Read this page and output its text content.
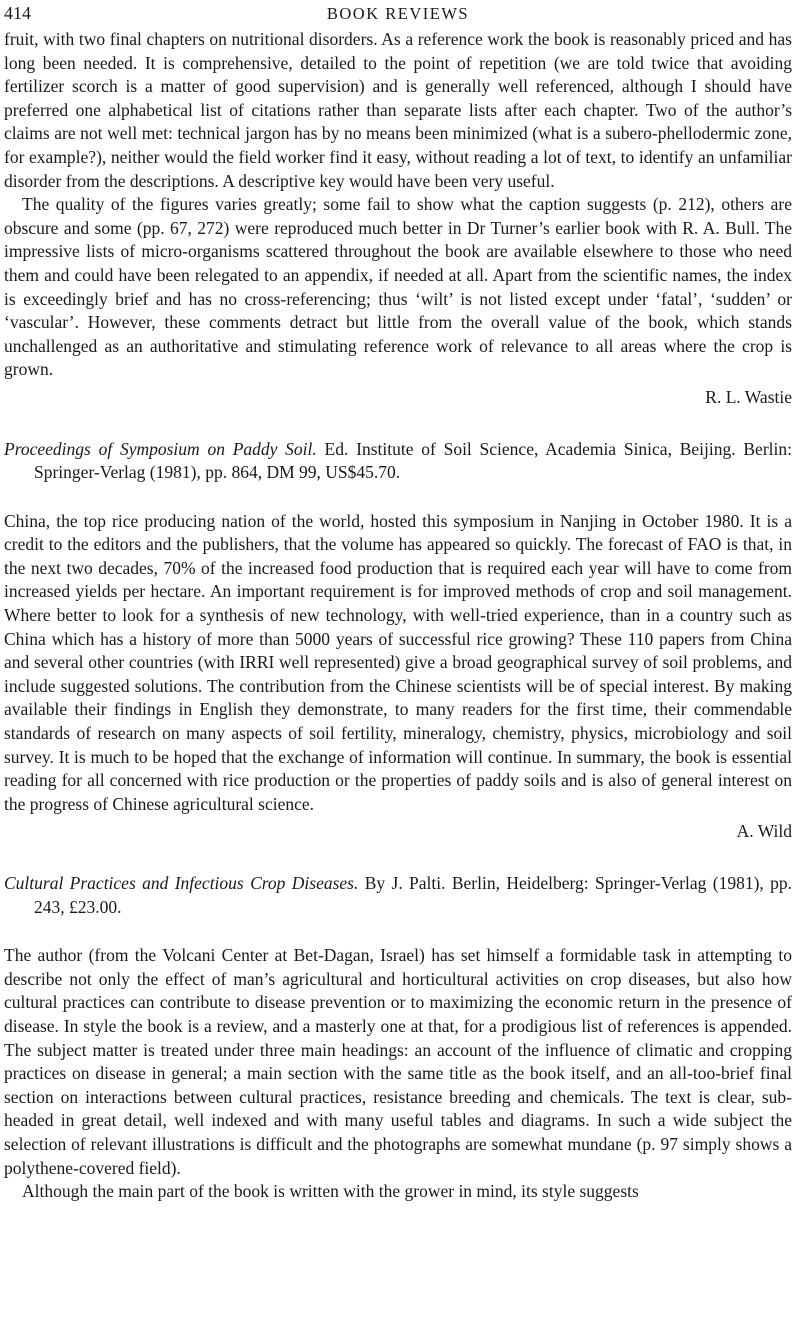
414	BOOK REVIEWS

fruit, with two final chapters on nutritional disorders. As a reference work the book is reasonably priced and has long been needed. It is comprehensive, detailed to the point of repetition (we are told twice that avoiding fertilizer scorch is a matter of good supervision) and is generally well referenced, although I should have preferred one alphabetical list of citations rather than separate lists after each chapter. Two of the author’s claims are not well met: technical jargon has by no means been minimized (what is a subero-phellodermic zone, for example?), neither would the field worker find it easy, without reading a lot of text, to identify an unfamiliar disorder from the descriptions. A descriptive key would have been very useful.

The quality of the figures varies greatly; some fail to show what the caption suggests (p. 212), others are obscure and some (pp. 67, 272) were reproduced much better in Dr Turner’s earlier book with R. A. Bull. The impressive lists of micro-organisms scattered throughout the book are available elsewhere to those who need them and could have been relegated to an appendix, if needed at all. Apart from the scientific names, the index is exceedingly brief and has no cross-referencing; thus ‘wilt’ is not listed except under ‘fatal’, ‘sudden’ or ‘vascular’. However, these comments detract but little from the overall value of the book, which stands unchallenged as an authoritative and stimulating reference work of relevance to all areas where the crop is grown.

R. L. Wastie

Proceedings of Symposium on Paddy Soil. Ed. Institute of Soil Science, Academia Sinica, Beijing. Berlin: Springer-Verlag (1981), pp. 864, DM 99, US$45.70.

China, the top rice producing nation of the world, hosted this symposium in Nanjing in October 1980. It is a credit to the editors and the publishers, that the volume has appeared so quickly. The forecast of FAO is that, in the next two decades, 70% of the increased food production that is required each year will have to come from increased yields per hectare. An important requirement is for improved methods of crop and soil management. Where better to look for a synthesis of new technology, with well-tried experience, than in a country such as China which has a history of more than 5000 years of successful rice growing? These 110 papers from China and several other countries (with IRRI well represented) give a broad geographical survey of soil problems, and include suggested solutions. The contribution from the Chinese scientists will be of special interest. By making available their findings in English they demonstrate, to many readers for the first time, their commendable standards of research on many aspects of soil fertility, mineralogy, chemistry, physics, microbiology and soil survey. It is much to be hoped that the exchange of information will continue. In summary, the book is essential reading for all concerned with rice production or the properties of paddy soils and is also of general interest on the progress of Chinese agricultural science.

A. Wild

Cultural Practices and Infectious Crop Diseases. By J. Palti. Berlin, Heidelberg: Springer-Verlag (1981), pp. 243, £23.00.

The author (from the Volcani Center at Bet-Dagan, Israel) has set himself a formidable task in attempting to describe not only the effect of man’s agricultural and horticultural activities on crop diseases, but also how cultural practices can contribute to disease prevention or to maximizing the economic return in the presence of disease. In style the book is a review, and a masterly one at that, for a prodigious list of references is appended. The subject matter is treated under three main headings: an account of the influence of climatic and cropping practices on disease in general; a main section with the same title as the book itself, and an all-too-brief final section on interactions between cultural practices, resistance breeding and chemicals. The text is clear, sub-headed in great detail, well indexed and with many useful tables and diagrams. In such a wide subject the selection of relevant illustrations is difficult and the photographs are somewhat mundane (p. 97 simply shows a polythene-covered field).

Although the main part of the book is written with the grower in mind, its style suggests
